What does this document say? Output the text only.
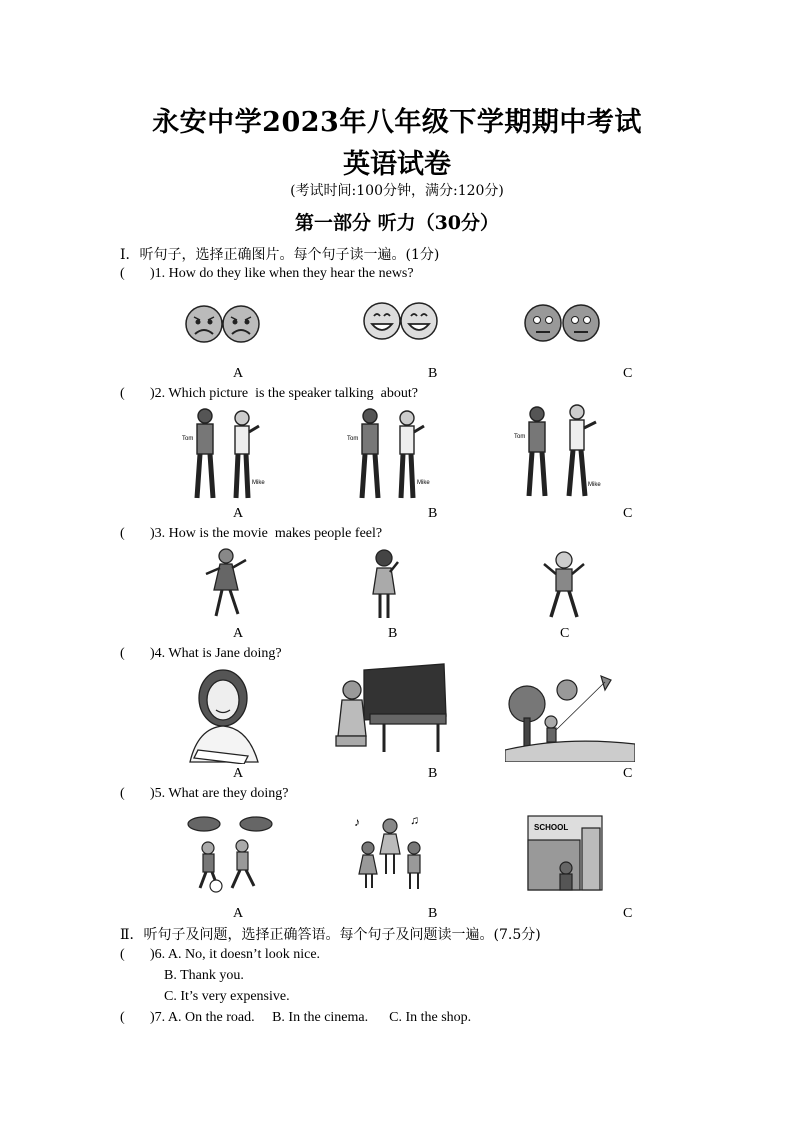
永安中学2023年八年级下学期期中考试
英语试卷
(考试时间:100分钟，满分:120分)
第一部分 听力（30分）
Ⅰ．听句子，选择正确图片。每个句子读一遍。(1分)
( )1. How do they like when they hear the news?
A	B	C
( )2. Which picture  is the speaker talking  about?
Tom
Mike
Tom
Mike
Tom
Mike
A	B	C
( )3. How is the movie  makes people feel?
A	B	C
( )4. What is Jane doing?
A	B	C
( )5. What are they doing?
♪	♫
SCHOOL
A	B	C
Ⅱ．听句子及问题，选择正确答语。每个句子及问题读一遍。(7.5分)
( )6. A. No, it doesn’t look nice.
B. Thank you.
C. It’s very expensive.
( )7. A. On the road.     B. In the cinema.      C. In the shop.
